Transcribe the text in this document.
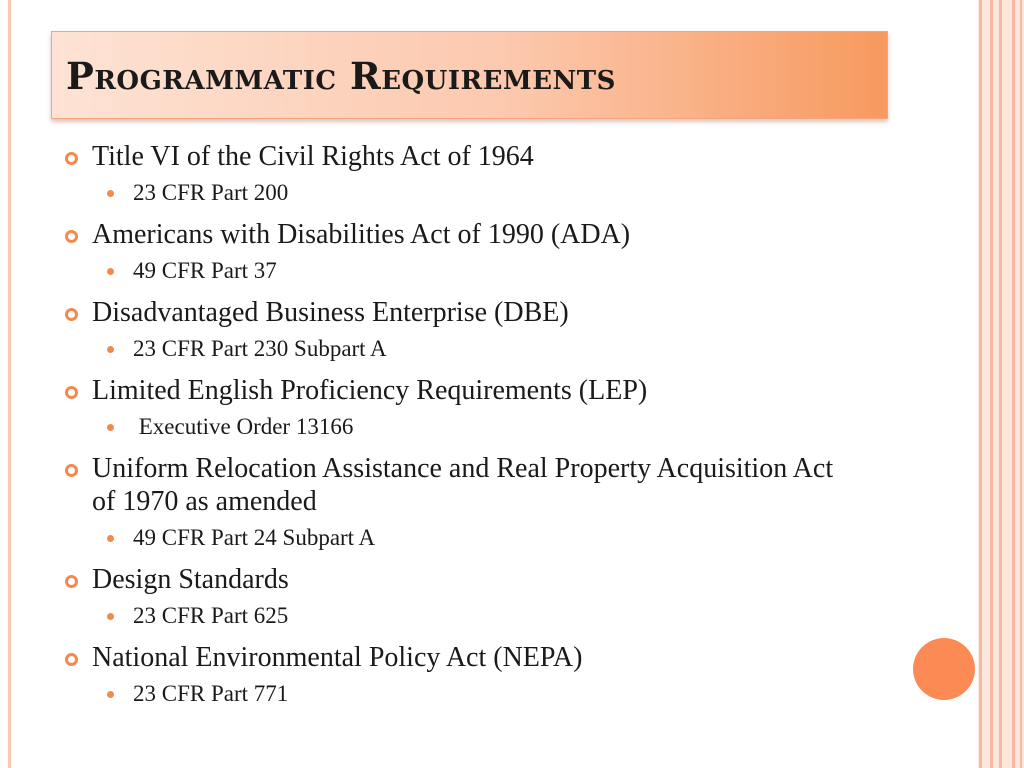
Programmatic Requirements
Title VI of the Civil Rights Act of 1964
23 CFR Part 200
Americans with Disabilities Act of 1990 (ADA)
49 CFR Part 37
Disadvantaged Business Enterprise (DBE)
23 CFR Part 230 Subpart A
Limited English Proficiency Requirements (LEP)
Executive Order 13166
Uniform Relocation Assistance and Real Property Acquisition Act of 1970 as amended
49 CFR Part 24 Subpart A
Design Standards
23 CFR Part 625
National Environmental Policy Act (NEPA)
23 CFR Part 771
